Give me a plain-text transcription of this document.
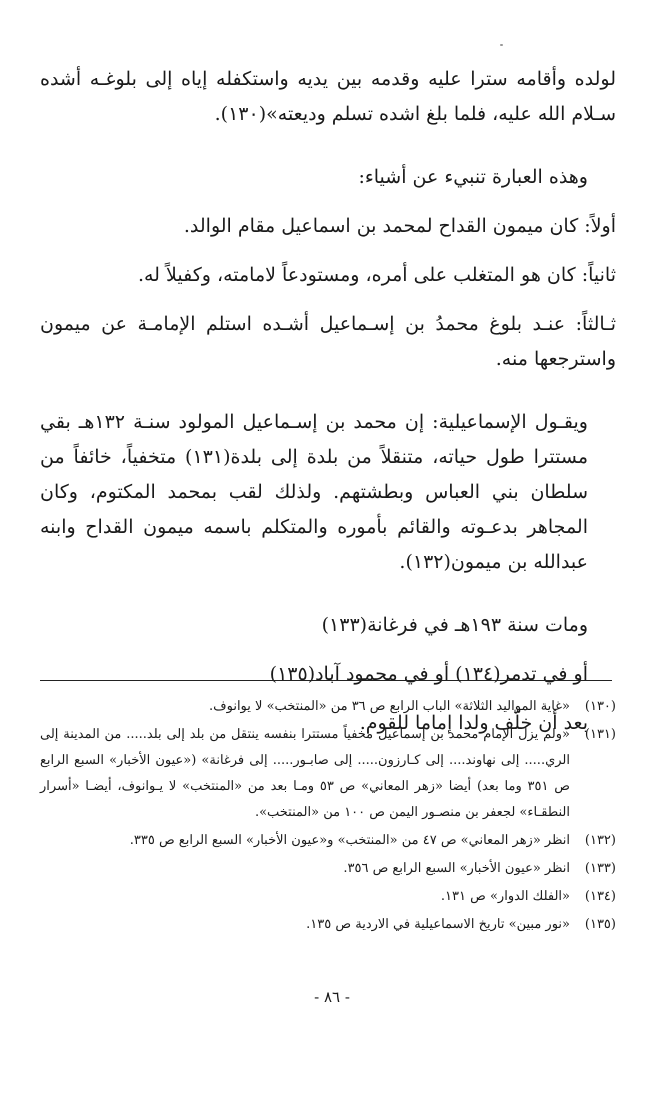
لولده وأقامه سترا عليه وقدمه بين يديه واستكفله إياه إلى بلوغـه أشده سـلام الله عليه، فلما بلغ اشده تسلم وديعته»(١٣٠).

وهذه العبارة تنبيء عن أشياء:

أولاً: كان ميمون القداح لمحمد بن اسماعيل مقام الوالد.

ثانياً: كان هو المتغلب على أمره، ومستودعاً لامامته، وكفيلاً له.

ثـالثاً: عنـد بلوغ محمدُ بن إسـماعيل أشـده استلم الإمامـة عن ميمون واسترجعها منه.

ويقـول الإسماعيلية: إن محمد بن إسـماعيل المولود سنـة ١٣٢هـ بقي مستترا طول حياته، متنقلاً من بلدة إلى بلدة(١٣١) متخفياً، خائفاً من سلطان بني العباس وبطشتهم. ولذلك لقب بمحمد المكتوم، وكان المجاهر بدعـوته والقائم بأموره والمتكلم باسمه ميمون القداح وابنه عبدالله بن ميمون(١٣٢).

ومات سنة ١٩٣هـ في فرغانة(١٣٣)

أو في تدمر(١٣٤) أو في محمود آباد(١٣٥)

بعد أن خلّف ولدا إماما للقوم.

(١٣٠)
«غاية المواليد الثلاثة» الباب الرابع ص ٣٦ من «المنتخب» لا يوانوف.
(١٣١)
«ولم يزل الإمام محمد بن إسماعيل مخفياً مستترا بنفسه ينتقل من بلد إلى بلد..... من المدينة إلى الري..... إلى نهاوند.... إلى كـارزون..... إلى صابـور..... إلى فرغانة» («عيون الأخبار» السبع الرابع ص ٣٥١ وما بعد) أيضا «زهر المعاني» ص ٥٣ ومـا بعد من «المنتخب» لا يـوانوف، أيضـا «أسرار النطقـاء» لجعفر بن منصـور اليمن ص ١٠٠ من «المنتخب».
(١٣٢)
انظر «زهر المعاني» ص ٤٧ من «المنتخب» و«عيون الأخبار» السبع الرابع ص ٣٣٥.
(١٣٣)
انظر «عيون الأخبار» السبع الرابع ص ٣٥٦.
(١٣٤)
«الفلك الدوار» ص ١٣١.
(١٣٥)
«نور مبين» تاريخ الاسماعيلية في الاردية ص ١٣٥.
- ٨٦ -
